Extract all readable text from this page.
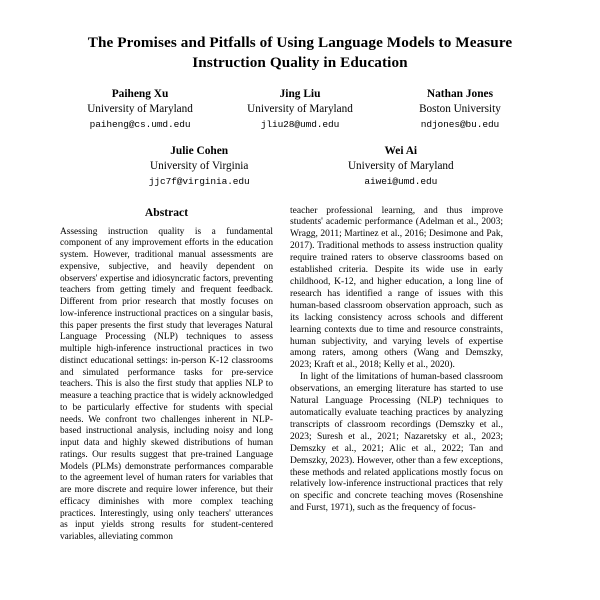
The Promises and Pitfalls of Using Language Models to Measure
Instruction Quality in Education
Paiheng Xu
University of Maryland
paiheng@cs.umd.edu
Jing Liu
University of Maryland
jliu28@umd.edu
Nathan Jones
Boston University
ndjones@bu.edu
Julie Cohen
University of Virginia
jjc7f@virginia.edu
Wei Ai
University of Maryland
aiwei@umd.edu
Abstract

Assessing instruction quality is a fundamental component of any improvement efforts in the education system. However, traditional manual assessments are expensive, subjective, and heavily dependent on observers' expertise and idiosyncratic factors, preventing teachers from getting timely and frequent feedback. Different from prior research that mostly focuses on low-inference instructional practices on a singular basis, this paper presents the first study that leverages Natural Language Processing (NLP) techniques to assess multiple high-inference instructional practices in two distinct educational settings: in-person K-12 classrooms and simulated performance tasks for pre-service teachers. This is also the first study that applies NLP to measure a teaching practice that is widely acknowledged to be particularly effective for students with special needs. We confront two challenges inherent in NLP-based instructional analysis, including noisy and long input data and highly skewed distributions of human ratings. Our results suggest that pre-trained Language Models (PLMs) demonstrate performances comparable to the agreement level of human raters for variables that are more discrete and require lower inference, but their efficacy diminishes with more complex teaching practices. Interestingly, using only teachers' utterances as input yields strong results for student-centered variables, alleviating common

teacher professional learning, and thus improve students' academic performance (Adelman et al., 2003; Wragg, 2011; Martinez et al., 2016; Desimone and Pak, 2017). Traditional methods to assess instruction quality require trained raters to observe classrooms based on established criteria. Despite its wide use in early childhood, K-12, and higher education, a long line of research has identified a range of issues with this human-based classroom observation approach, such as its lacking consistency across schools and different learning contexts due to time and resource constraints, human subjectivity, and varying levels of expertise among raters, among others (Wang and Demszky, 2023; Kraft et al., 2018; Kelly et al., 2020).

In light of the limitations of human-based classroom observations, an emerging literature has started to use Natural Language Processing (NLP) techniques to automatically evaluate teaching practices by analyzing transcripts of classroom recordings (Demszky et al., 2023; Suresh et al., 2021; Nazaretsky et al., 2023; Demszky et al., 2021; Alic et al., 2022; Tan and Demszky, 2023). However, other than a few exceptions, these methods and related applications mostly focus on relatively low-inference instructional practices that rely on specific and concrete teaching moves (Rosenshine and Furst, 1971), such as the frequency of focus-
